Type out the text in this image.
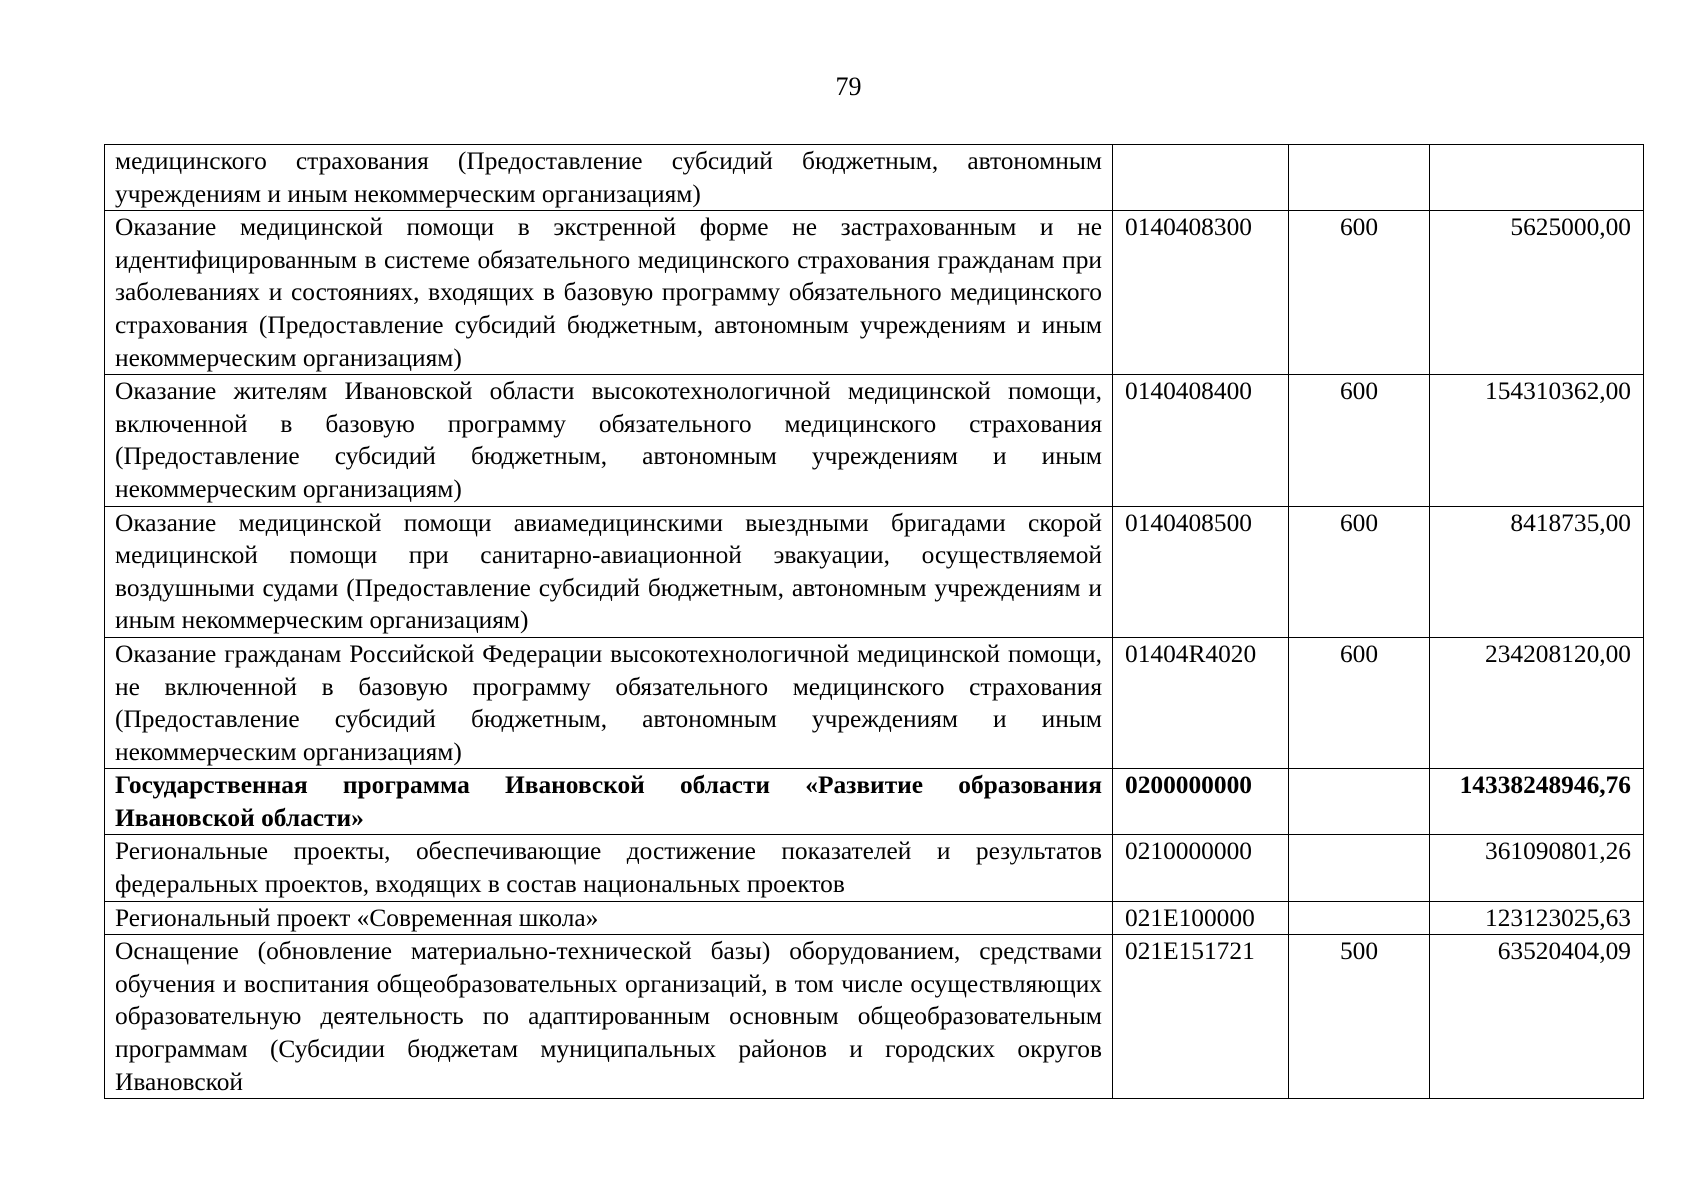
79
медицинского страхования (Предоставление субсидий бюджетным, автономным учреждениям и иным некоммерческим организациям)			
Оказание медицинской помощи в экстренной форме не застрахованным и не идентифицированным в системе обязательного медицинского страхования гражданам при заболеваниях и состояниях, входящих в базовую программу обязательного медицинского страхования (Предоставление субсидий бюджетным, автономным учреждениям и иным некоммерческим организациям)	0140408300	600	5625000,00
Оказание жителям Ивановской области высокотехнологичной медицинской помощи, включенной в базовую программу обязательного медицинского страхования (Предоставление субсидий бюджетным, автономным учреждениям и иным некоммерческим организациям)	0140408400	600	154310362,00
Оказание медицинской помощи авиамедицинскими выездными бригадами скорой медицинской помощи при санитарно-авиационной эвакуации, осуществляемой воздушными судами (Предоставление субсидий бюджетным, автономным учреждениям и иным некоммерческим организациям)	0140408500	600	8418735,00
Оказание гражданам Российской Федерации высокотехнологичной медицинской помощи, не включенной в базовую программу обязательного медицинского страхования (Предоставление субсидий бюджетным, автономным учреждениям и иным некоммерческим организациям)	01404R4020	600	234208120,00
Государственная программа Ивановской области «Развитие образования Ивановской области»	0200000000		14338248946,76
Региональные проекты, обеспечивающие достижение показателей и результатов федеральных проектов, входящих в состав национальных проектов	0210000000		361090801,26
Региональный проект «Современная школа»	021E100000		123123025,63
Оснащение (обновление материально-технической базы) оборудованием, средствами обучения и воспитания общеобразовательных организаций, в том числе осуществляющих образовательную деятельность по адаптированным основным общеобразовательным программам (Субсидии бюджетам муниципальных районов и городских округов Ивановской	021E151721	500	63520404,09
